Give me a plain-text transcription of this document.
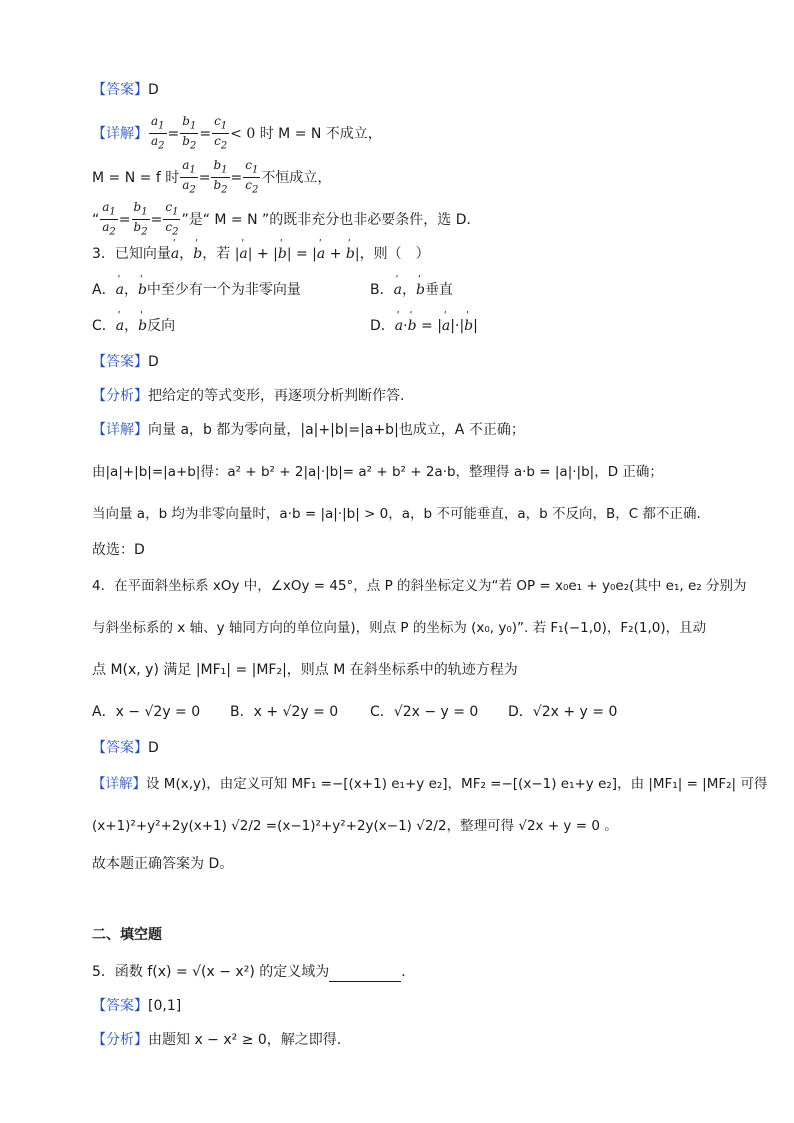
【答案】D
【详解】 $\frac{a_1}{a_2} = \frac{b_1}{b_2} = \frac{c_1}{c_2} < 0$ 时 M = N 不成立，
M = N = f 时 $\frac{a_1}{a_2} = \frac{b_1}{b_2} = \frac{c_1}{c_2}$ 不恒成立，
“ $\frac{a_1}{a_2} = \frac{b_1}{b_2} = \frac{c_1}{c_2}$ ”是“ M = N ”的既非充分也非必要条件，选 D．
3．已知向量ʹ a，ʹ b，若 |ʹ a| + |ʹ b| = |ʹ a + ʹ b|，则（　）
A．ʹ a，ʹ b中至少有一个为非零向量	B．ʹ a，ʹ b垂直
C．ʹ a，ʹ b反向	D．ʹ a·ʹ b = |ʹ a|·|ʹ b|
【答案】D
【分析】把给定的等式变形，再逐项分析判断作答.
【详解】向量 a，b 都为零向量，|a|+|b|=|a+b|也成立，A 不正确；
由|a|+|b|=|a+b|得：a² + b² + 2|a|·|b|= a² + b² + 2a·b，整理得 a·b = |a|·|b|，D 正确；
当向量 a，b 均为非零向量时，a·b = |a|·|b| > 0，a，b 不可能垂直，a，b 不反向，B，C 都不正确.
故选：D
4．在平面斜坐标系 xOy 中，∠xOy = 45°，点 P 的斜坐标定义为“若 OP = x₀e₁ + y₀e₂(其中 e₁, e₂ 分别为
与斜坐标系的 x 轴、y 轴同方向的单位向量)，则点 P 的坐标为 (x₀, y₀)”. 若 F₁(−1,0)，F₂(1,0)，且动
点 M(x, y) 满足 |MF₁| = |MF₂|，则点 M 在斜坐标系中的轨迹方程为
A．x − √2y = 0 B．x + √2y = 0 C．√2x − y = 0 D．√2x + y = 0
【答案】D
【详解】设 M(x,y)，由定义可知 MF₁ =−[(x+1) e₁+y e₂]，MF₂ =−[(x−1) e₁+y e₂]，由 |MF₁| = |MF₂| 可得
(x+1)²+y²+2y(x+1) √2/2 =(x−1)²+y²+2y(x−1) √2/2，整理可得 √2x + y = 0 。
故本题正确答案为 D。
二、填空题
5．函数 f(x) = √(x − x²) 的定义域为	．
【答案】[0,1]
【分析】由题知 x − x² ≥ 0，解之即得.
